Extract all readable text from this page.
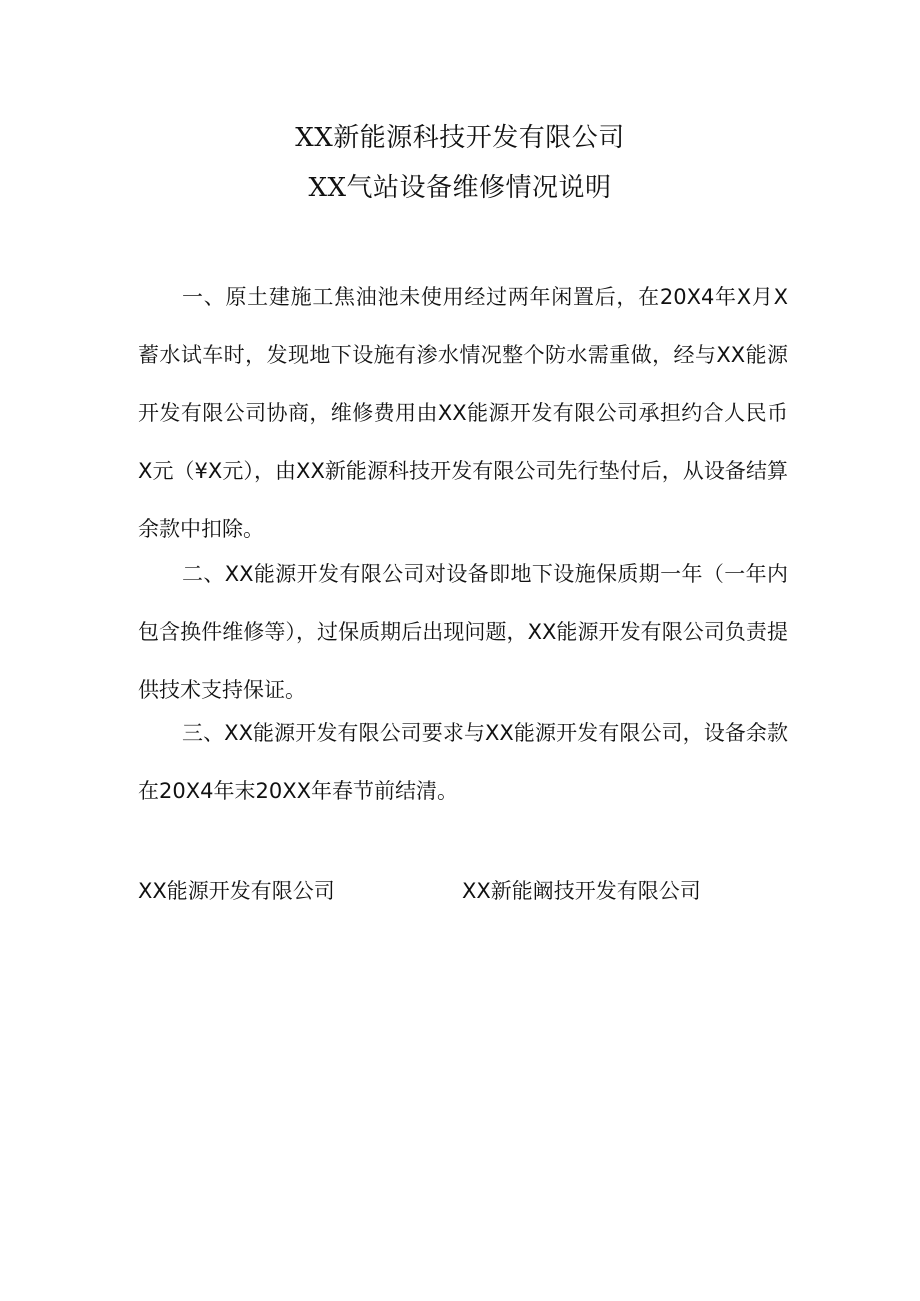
XX新能源科技开发有限公司
XX气站设备维修情况说明

一、原土建施工焦油池未使用经过两年闲置后，在20X4年X月X蓄水试车时，发现地下设施有渗水情况整个防水需重做，经与XX能源开发有限公司协商，维修费用由XX能源开发有限公司承担约合人民币X元（¥X元），由XX新能源科技开发有限公司先行垫付后，从设备结算余款中扣除。

二、XX能源开发有限公司对设备即地下设施保质期一年（一年内包含换件维修等），过保质期后出现问题，XX能源开发有限公司负责提供技术支持保证。

三、XX能源开发有限公司要求与XX能源开发有限公司，设备余款在20X4年末20XX年春节前结清。

XX能源开发有限公司	XX新能阚技开发有限公司
